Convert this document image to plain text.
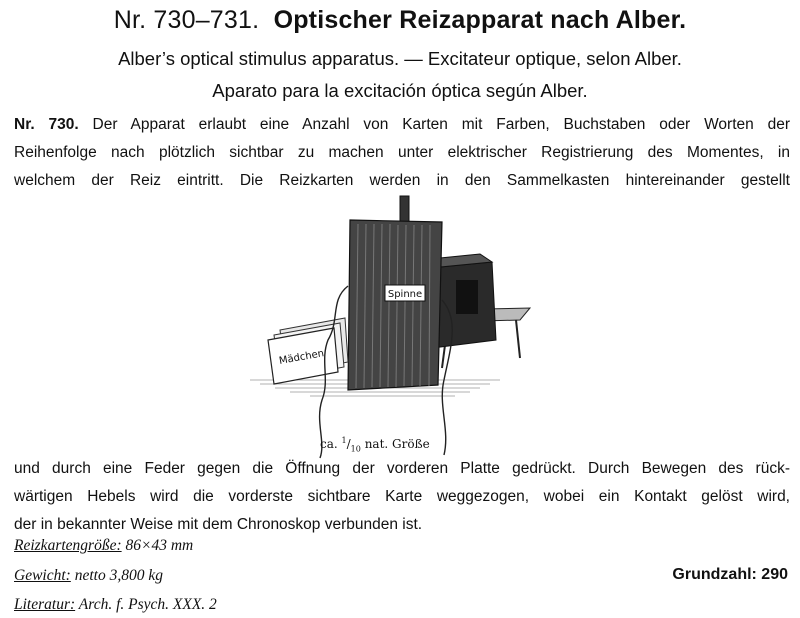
Nr. 730–731. Optischer Reizapparat nach Alber.
Alber’s optical stimulus apparatus. — Excitateur optique, selon Alber.
Aparato para la excitación óptica según Alber.
Nr. 730. Der Apparat erlaubt eine Anzahl von Karten mit Farben, Buchstaben oder Worten der
Reihenfolge nach plötzlich sichtbar zu machen unter elektrischer Registrierung des Momentes, in
welchem der Reiz eintritt. Die Reizkarten werden in den Sammelkasten hintereinander gestellt
Spinne
Mädchen
ca. $^1/_{10}$ nat. Größe
und durch eine Feder gegen die Öffnung der vorderen Platte gedrückt. Durch Bewegen des rück-
wärtigen Hebels wird die vorderste sichtbare Karte weggezogen, wobei ein Kontakt gelöst wird,
der in bekannter Weise mit dem Chronoskop verbunden ist.
Reizkartengröße: 86×43 mm
Gewicht: netto 3,800 kg
Literatur: Arch. f. Psych. XXX. 2
Grundzahl: 290
